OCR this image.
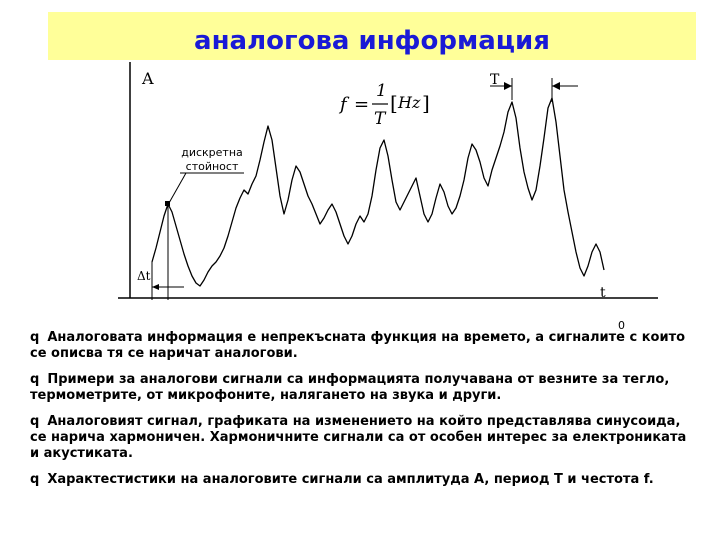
аналогова информация
A	T
f =
1
T
[ Hz ]
дискретна
стойност
Δt
t
0
q Аналоговата информация е непрекъсната функция на времето, а сигналите с които се описва тя се наричат аналогови.
q Примери за аналогови сигнали са информацията получавана от везните за тегло, термометрите, от микрофоните, налягането на звука и други.
q Аналоговият сигнал, графиката на изменението на който представлява синусоида, се нарича хармоничен. Хармоничните сигнали са от особен интерес за електрониката и акустиката.
q Характестистики на аналоговите сигнали са амплитуда A, период T и честота f.
